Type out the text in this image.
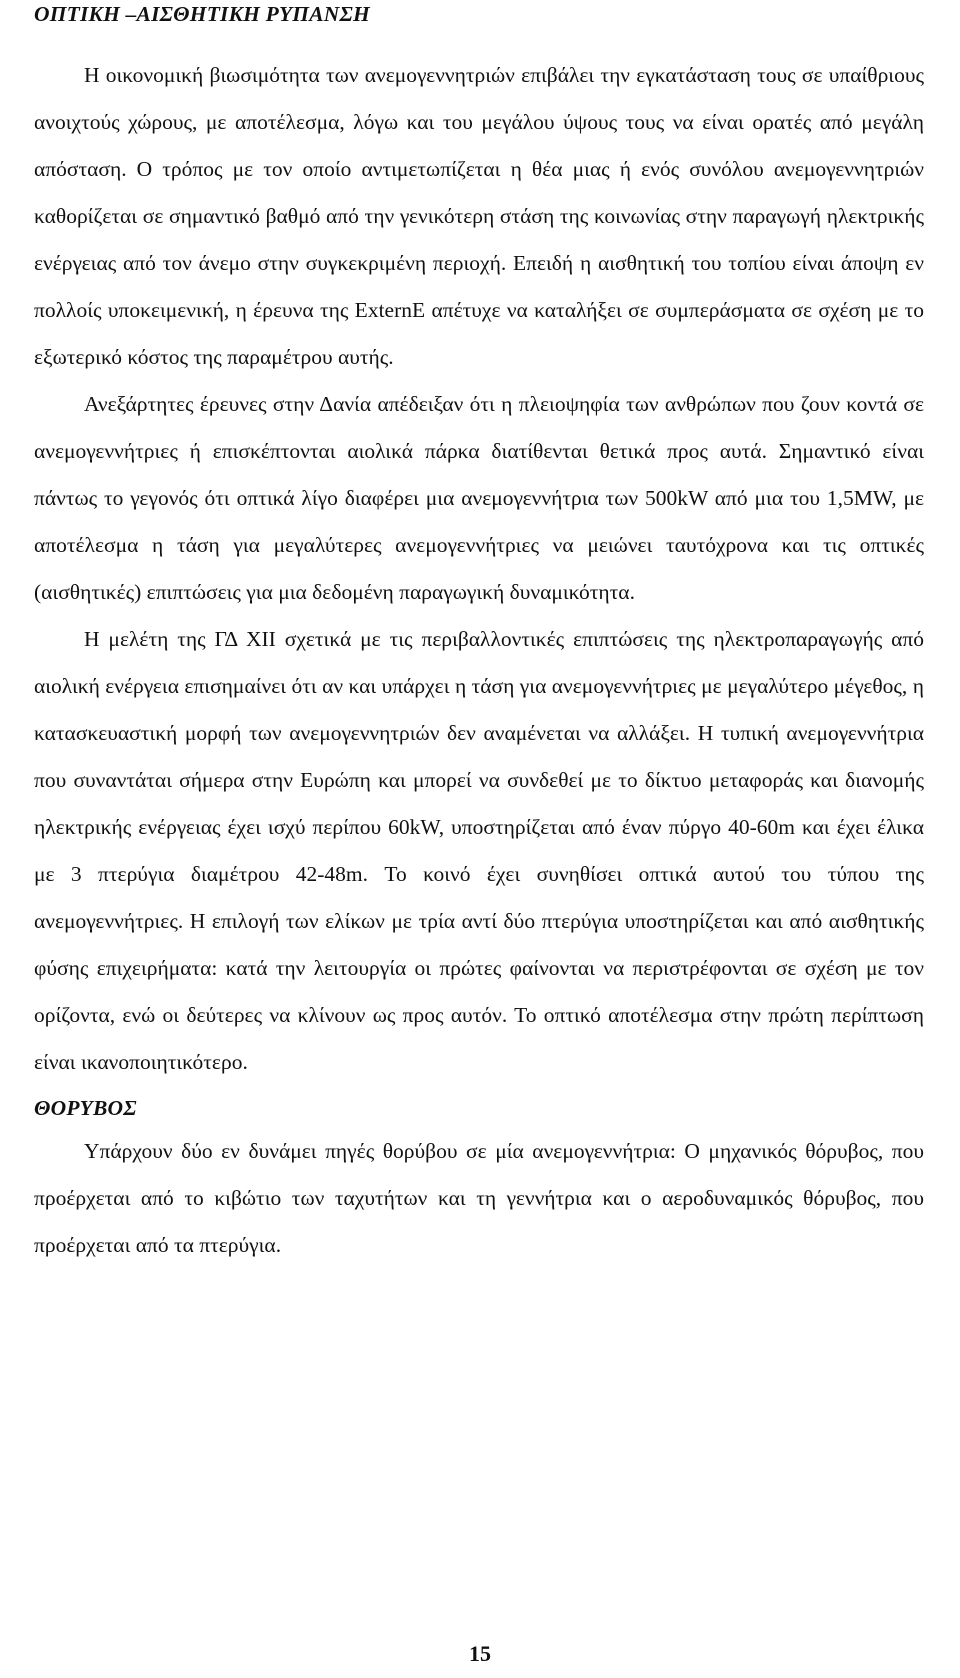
ΟΠΤΙΚΗ –ΑΙΣΘΗΤΙΚΗ ΡΥΠΑΝΣΗ

Η οικονομική βιωσιμότητα των ανεμογεννητριών επιβάλει την εγκατάσταση τους σε υπαίθριους ανοιχτούς χώρους, με αποτέλεσμα, λόγω και του μεγάλου ύψους τους να είναι ορατές από μεγάλη απόσταση. Ο τρόπος με τον οποίο αντιμετωπίζεται η θέα μιας ή ενός συνόλου ανεμογεννητριών καθορίζεται σε σημαντικό βαθμό από την γενικότερη στάση της κοινωνίας στην παραγωγή ηλεκτρικής ενέργειας από τον άνεμο στην συγκεκριμένη περιοχή. Επειδή η αισθητική του τοπίου είναι άποψη εν πολλοίς υποκειμενική, η έρευνα της ExternE απέτυχε να καταλήξει σε συμπεράσματα σε σχέση με το εξωτερικό κόστος της παραμέτρου αυτής.

Ανεξάρτητες έρευνες στην Δανία απέδειξαν ότι η πλειοψηφία των ανθρώπων που ζουν κοντά σε ανεμογεννήτριες ή επισκέπτονται αιολικά πάρκα διατίθενται θετικά προς αυτά. Σημαντικό είναι πάντως το γεγονός ότι οπτικά λίγο διαφέρει μια ανεμογεννήτρια των 500kW από μια του 1,5MW, με αποτέλεσμα η τάση για μεγαλύτερες ανεμογεννήτριες να μειώνει ταυτόχρονα και τις οπτικές (αισθητικές) επιπτώσεις για μια δεδομένη παραγωγική δυναμικότητα.

Η μελέτη της ΓΔ XII σχετικά με τις περιβαλλοντικές επιπτώσεις της ηλεκτροπαραγωγής από αιολική ενέργεια επισημαίνει ότι αν και υπάρχει η τάση για ανεμογεννήτριες με μεγαλύτερο μέγεθος, η κατασκευαστική μορφή των ανεμογεννητριών δεν αναμένεται να αλλάξει. Η τυπική ανεμογεννήτρια που συναντάται σήμερα στην Ευρώπη και μπορεί να συνδεθεί με το δίκτυο μεταφοράς και διανομής ηλεκτρικής ενέργειας έχει ισχύ περίπου 60kW, υποστηρίζεται από έναν πύργο 40-60m και έχει έλικα με 3 πτερύγια διαμέτρου 42-48m. Το κοινό έχει συνηθίσει οπτικά αυτού του τύπου της ανεμογεννήτριες. Η επιλογή των ελίκων με τρία αντί δύο πτερύγια υποστηρίζεται και από αισθητικής φύσης επιχειρήματα: κατά την λειτουργία οι πρώτες φαίνονται να περιστρέφονται σε σχέση με τον ορίζοντα, ενώ οι δεύτερες να κλίνουν ως προς αυτόν. Το οπτικό αποτέλεσμα στην πρώτη περίπτωση είναι ικανοποιητικότερο.

ΘΟΡΥΒΟΣ

Υπάρχουν δύο εν δυνάμει πηγές θορύβου σε μία ανεμογεννήτρια: Ο μηχανικός θόρυβος, που προέρχεται από το κιβώτιο των ταχυτήτων και τη γεννήτρια και ο αεροδυναμικός θόρυβος, που προέρχεται από τα πτερύγια.

15
